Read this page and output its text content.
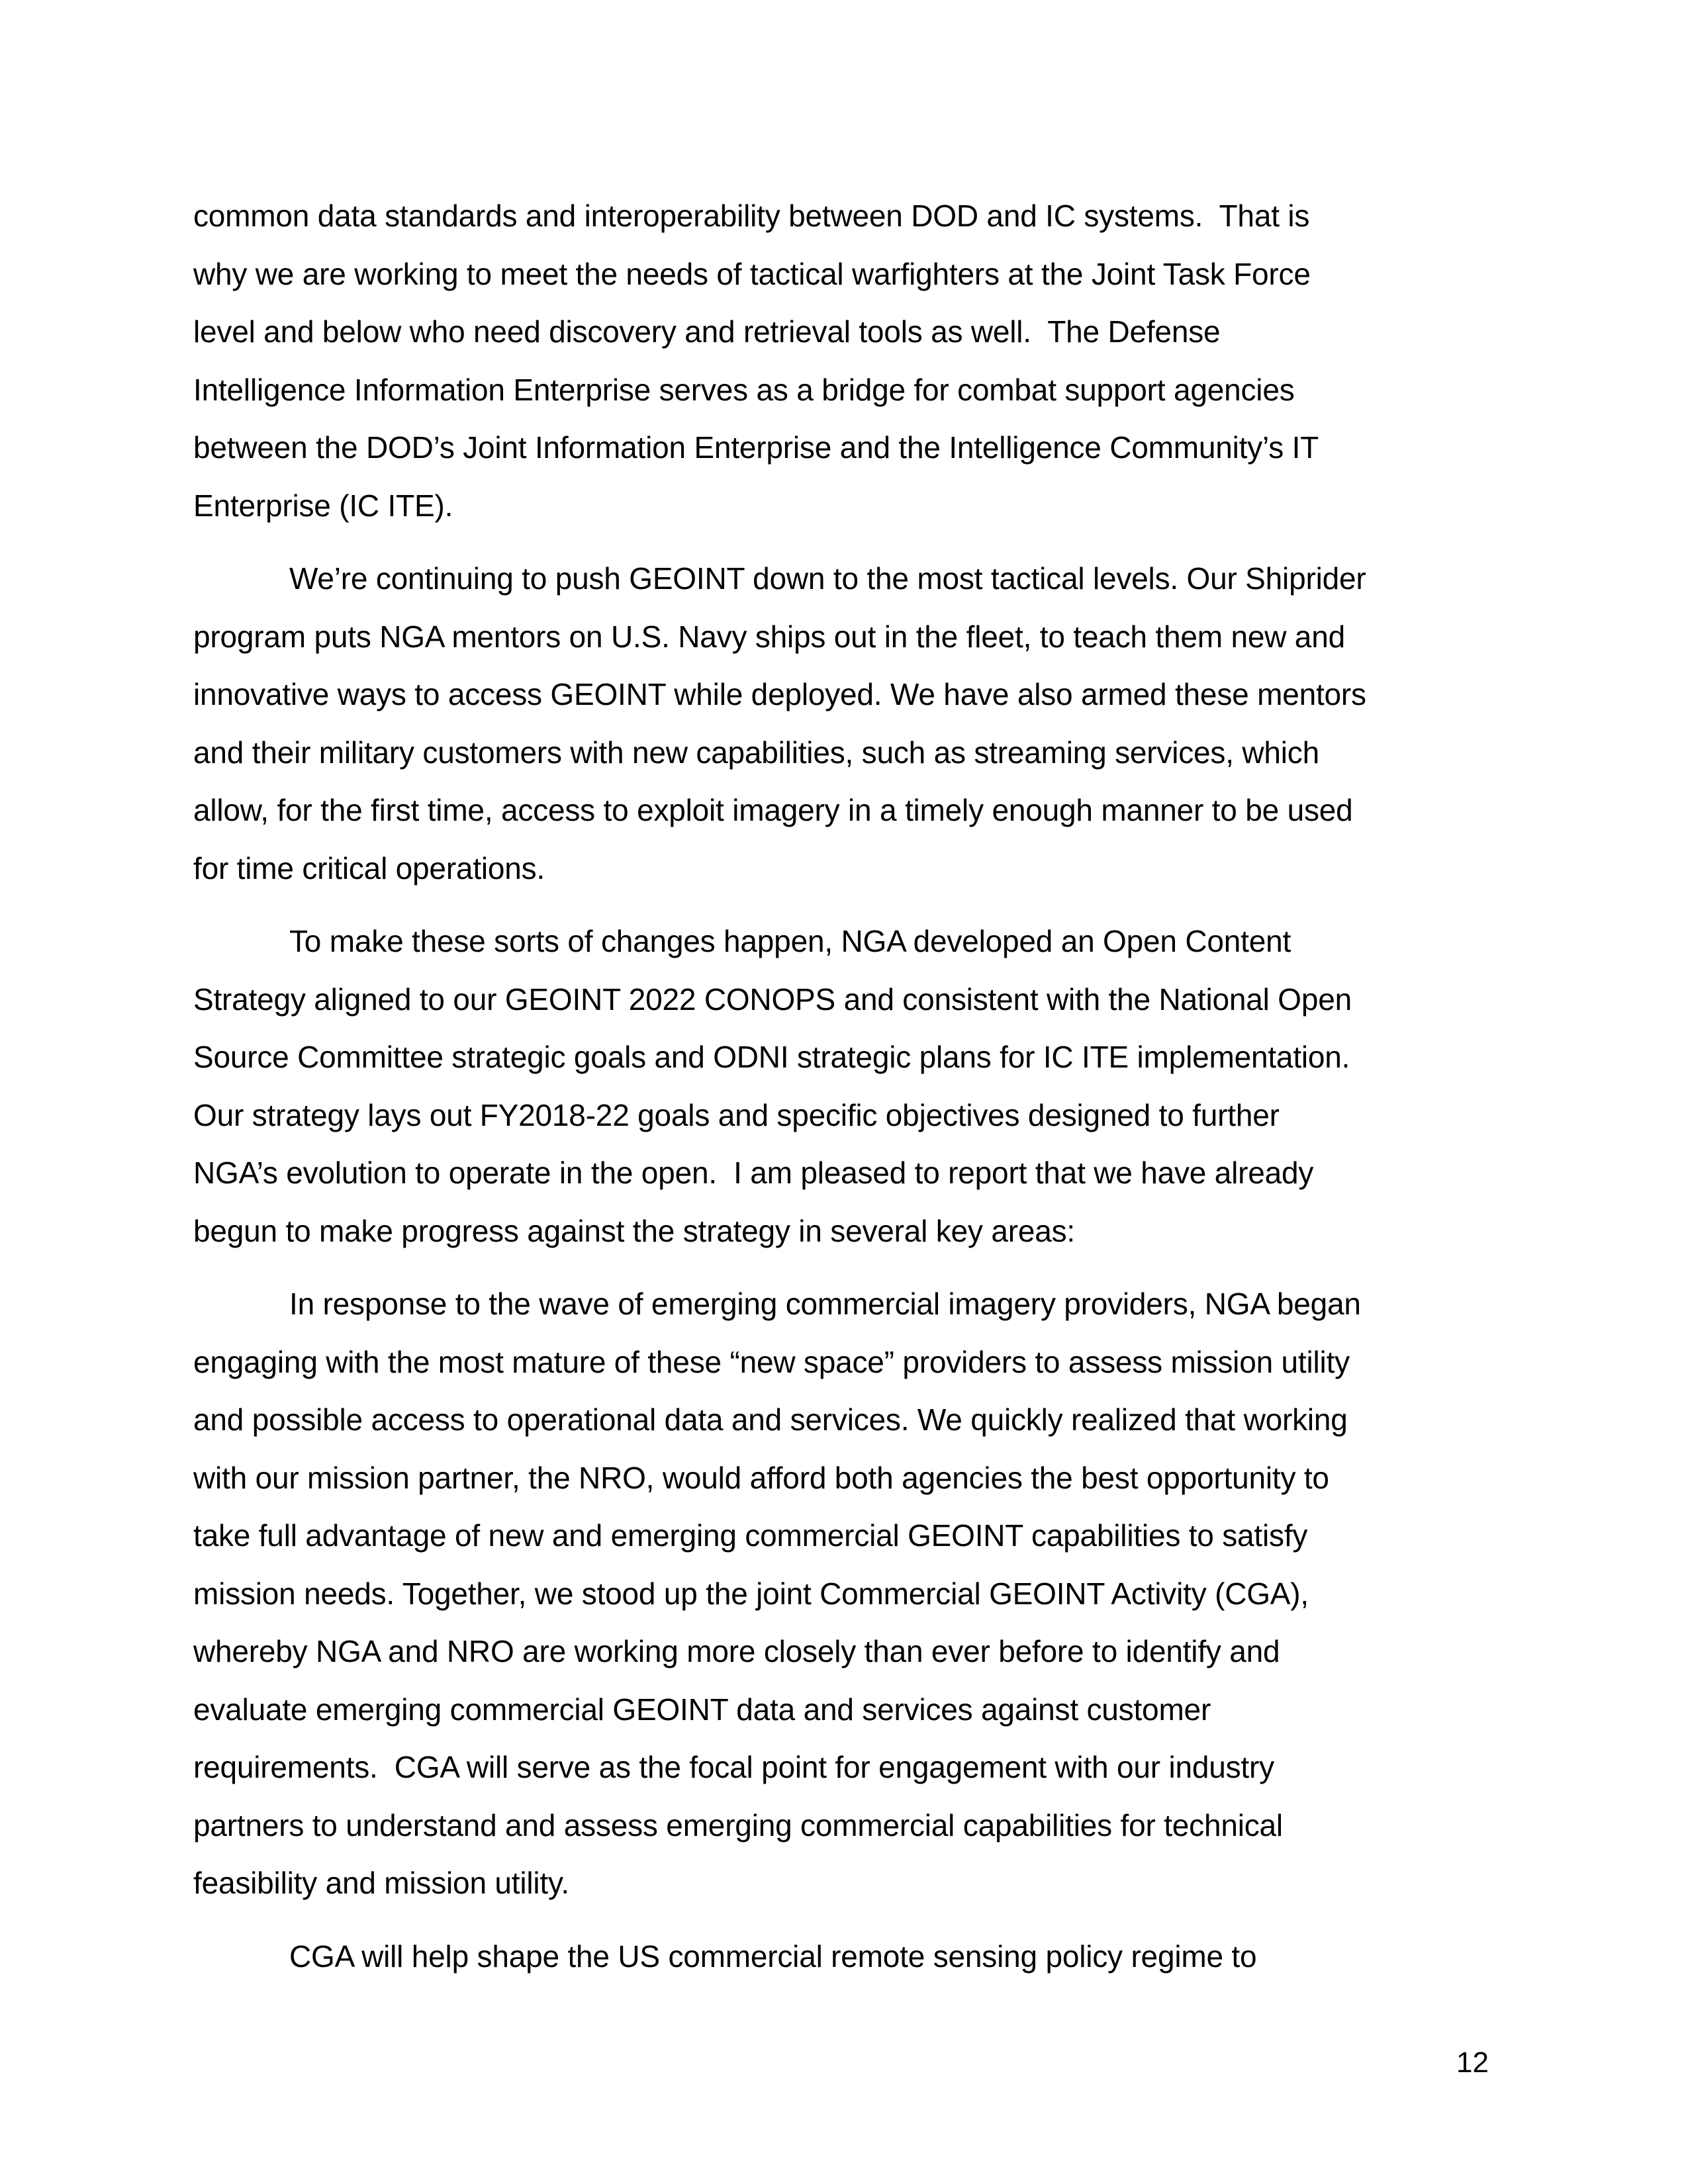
common data standards and interoperability between DOD and IC systems.  That is
why we are working to meet the needs of tactical warfighters at the Joint Task Force
level and below who need discovery and retrieval tools as well.  The Defense
Intelligence Information Enterprise serves as a bridge for combat support agencies
between the DOD’s Joint Information Enterprise and the Intelligence Community’s IT
Enterprise (IC ITE).
We’re continuing to push GEOINT down to the most tactical levels. Our Shiprider
program puts NGA mentors on U.S. Navy ships out in the fleet, to teach them new and
innovative ways to access GEOINT while deployed. We have also armed these mentors
and their military customers with new capabilities, such as streaming services, which
allow, for the first time, access to exploit imagery in a timely enough manner to be used
for time critical operations.
To make these sorts of changes happen, NGA developed an Open Content
Strategy aligned to our GEOINT 2022 CONOPS and consistent with the National Open
Source Committee strategic goals and ODNI strategic plans for IC ITE implementation.
Our strategy lays out FY2018-22 goals and specific objectives designed to further
NGA’s evolution to operate in the open.  I am pleased to report that we have already
begun to make progress against the strategy in several key areas:
In response to the wave of emerging commercial imagery providers, NGA began
engaging with the most mature of these “new space” providers to assess mission utility
and possible access to operational data and services. We quickly realized that working
with our mission partner, the NRO, would afford both agencies the best opportunity to
take full advantage of new and emerging commercial GEOINT capabilities to satisfy
mission needs. Together, we stood up the joint Commercial GEOINT Activity (CGA),
whereby NGA and NRO are working more closely than ever before to identify and
evaluate emerging commercial GEOINT data and services against customer
requirements.  CGA will serve as the focal point for engagement with our industry
partners to understand and assess emerging commercial capabilities for technical
feasibility and mission utility.
CGA will help shape the US commercial remote sensing policy regime to
12
